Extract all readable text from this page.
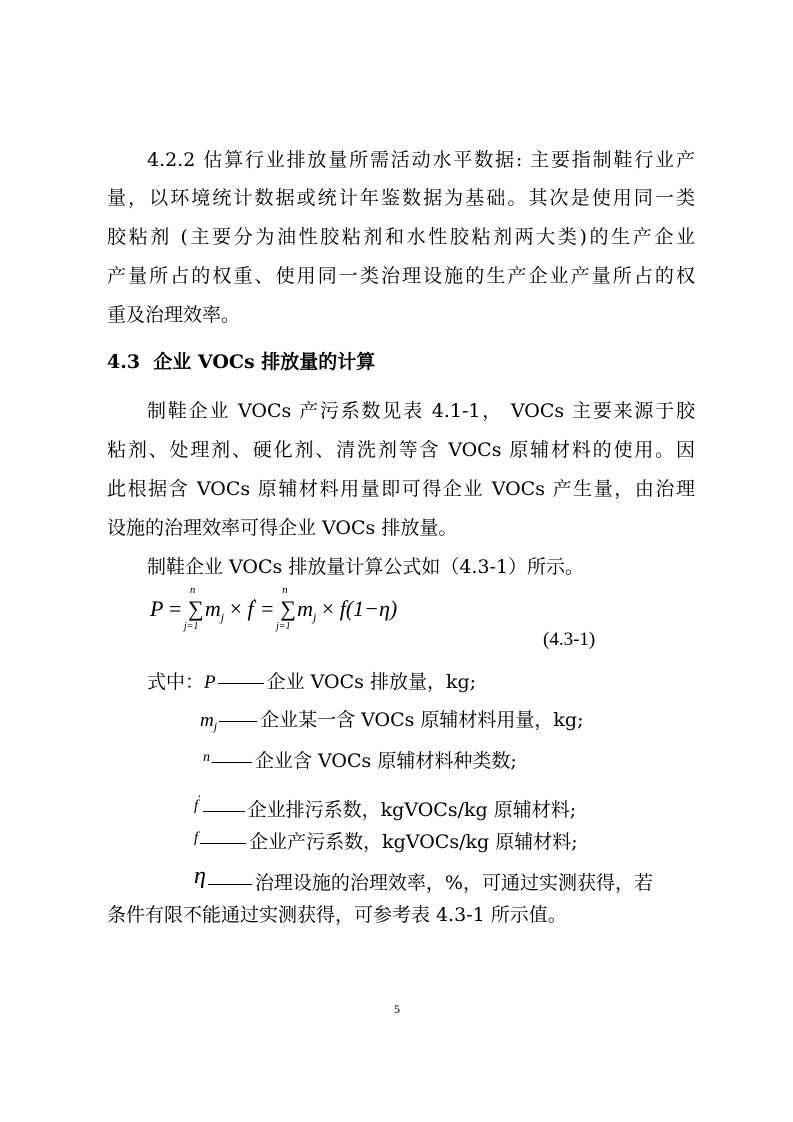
4.2.2 估算行业排放量所需活动水平数据: 主要指制鞋行业产
量，以环境统计数据或统计年鉴数据为基础。其次是使用同一类
胶粘剂 (主要分为油性胶粘剂和水性胶粘剂两大类)的生产企业
产量所占的权重、使用同一类治理设施的生产企业产量所占的权
重及治理效率。
4.3 企业 VOCs 排放量的计算
制鞋企业 VOCs 产污系数见表 4.1-1， VOCs 主要来源于胶
粘剂、处理剂、硬化剂、清洗剂等含 VOCs 原辅材料的使用。因
此根据含 VOCs 原辅材料用量即可得企业 VOCs 产生量，由治理
设施的治理效率可得企业 VOCs 排放量。
制鞋企业 VOCs 排放量计算公式如（4.3-1）所示。
P = ∑
n
j=1
$m_j \times f'$ = ∑
n
j=1
$m_j \times f(1-\eta)$
(4.3-1)
式中：P	企业 VOCs 排放量，kg;
$m_j$ 企业某一含 VOCs 原辅材料用量，kg;
$^n$ 企业含 VOCs 原辅材料种类数;
$^{f'}$ 企业排污系数，kgVOCs/kg 原辅材料;
$^f$	企业产污系数，kgVOCs/kg 原辅材料;
η	治理设施的治理效率，%，可通过实测获得，若
条件有限不能通过实测获得，可参考表 4.3-1 所示值。
5
